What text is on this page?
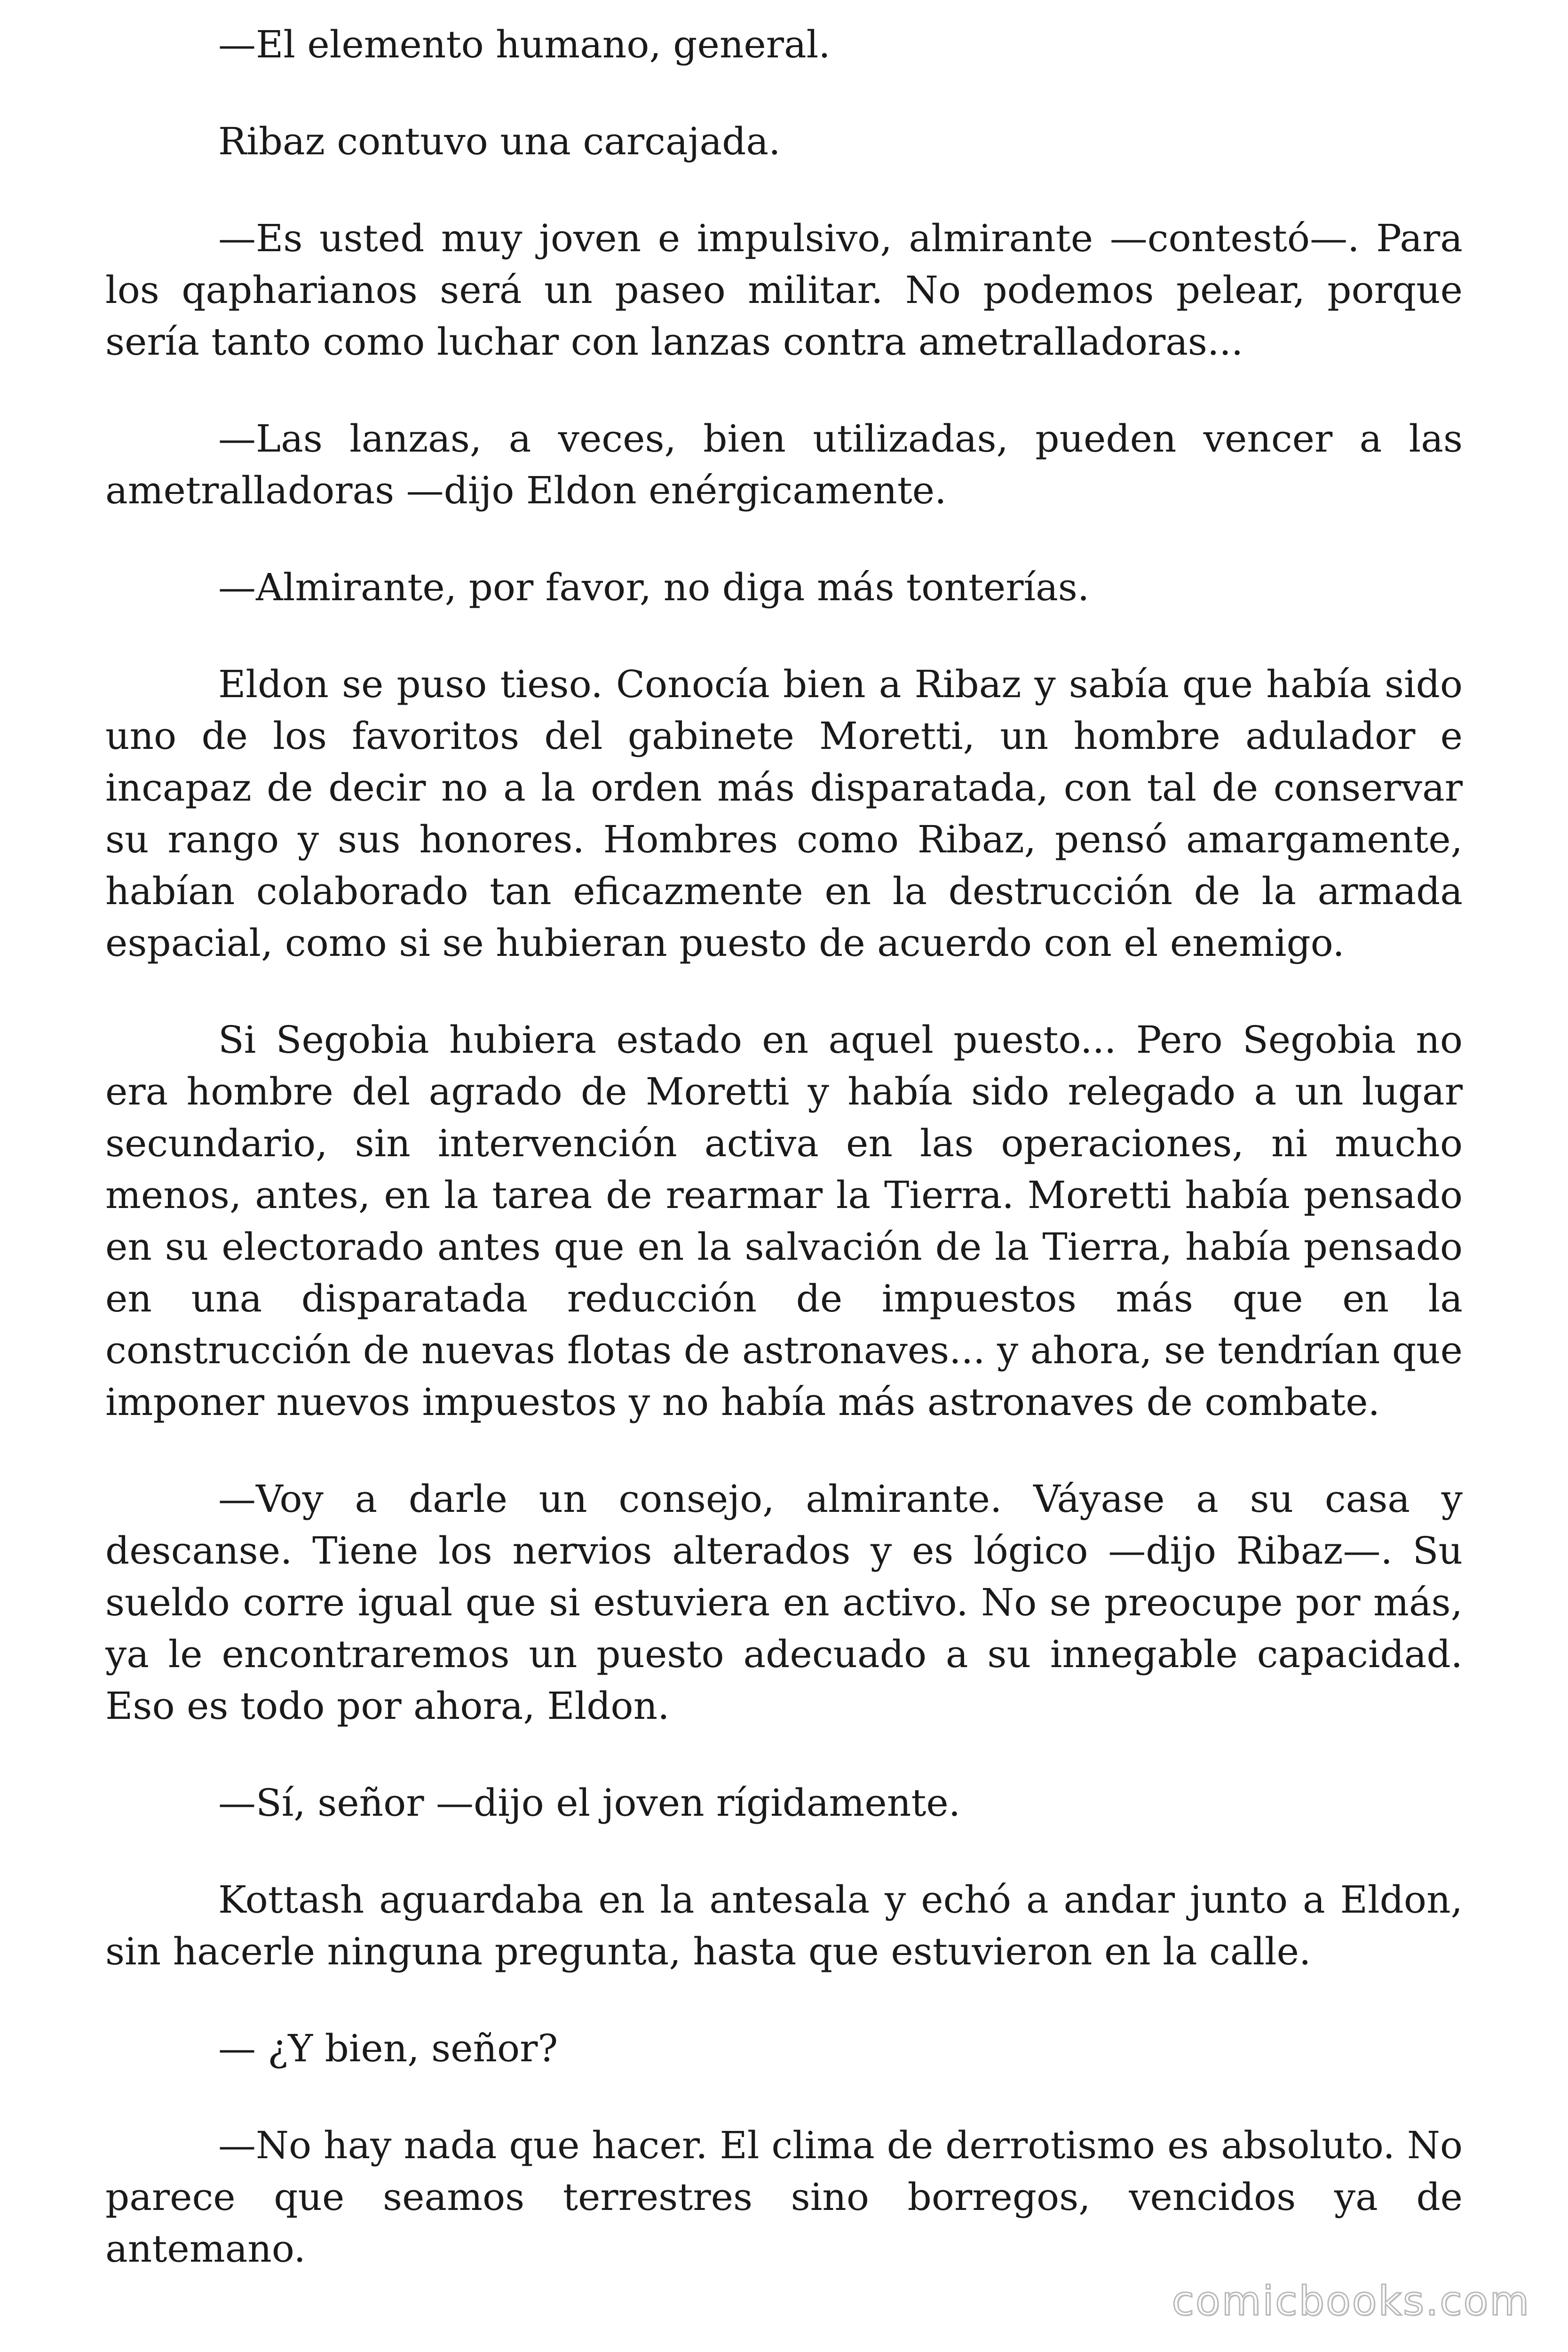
—El elemento humano, general.

Ribaz contuvo una carcajada.

—Es usted muy joven e impulsivo, almirante —contestó—. Para los qapharianos será un paseo militar. No podemos pelear, porque sería tanto como luchar con lanzas contra ametralladoras...

—Las lanzas, a veces, bien utilizadas, pueden vencer a las ametralladoras —dijo Eldon enérgicamente.

—Almirante, por favor, no diga más tonterías.

Eldon se puso tieso. Conocía bien a Ribaz y sabía que había sido uno de los favoritos del gabinete Moretti, un hombre adulador e incapaz de decir no a la orden más disparatada, con tal de conservar su rango y sus honores. Hombres como Ribaz, pensó amargamente, habían colaborado tan eficazmente en la destrucción de la armada espacial, como si se hubieran puesto de acuerdo con el enemigo.

Si Segobia hubiera estado en aquel puesto... Pero Segobia no era hombre del agrado de Moretti y había sido relegado a un lugar secundario, sin intervención activa en las operaciones, ni mucho menos, antes, en la tarea de rearmar la Tierra. Moretti había pensado en su electorado antes que en la salvación de la Tierra, había pensado en una disparatada reducción de impuestos más que en la construcción de nuevas flotas de astronaves... y ahora, se tendrían que imponer nuevos impuestos y no había más astronaves de combate.

—Voy a darle un consejo, almirante. Váyase a su casa y descanse. Tiene los nervios alterados y es lógico —dijo Ribaz—. Su sueldo corre igual que si estuviera en activo. No se preocupe por más, ya le encontraremos un puesto adecuado a su innegable capacidad. Eso es todo por ahora, Eldon.

—Sí, señor —dijo el joven rígidamente.

Kottash aguardaba en la antesala y echó a andar junto a Eldon, sin hacerle ninguna pregunta, hasta que estuvieron en la calle.

— ¿Y bien, señor?

—No hay nada que hacer. El clima de derrotismo es absoluto. No parece que seamos terrestres sino borregos, vencidos ya de antemano.

comicbooks.com
